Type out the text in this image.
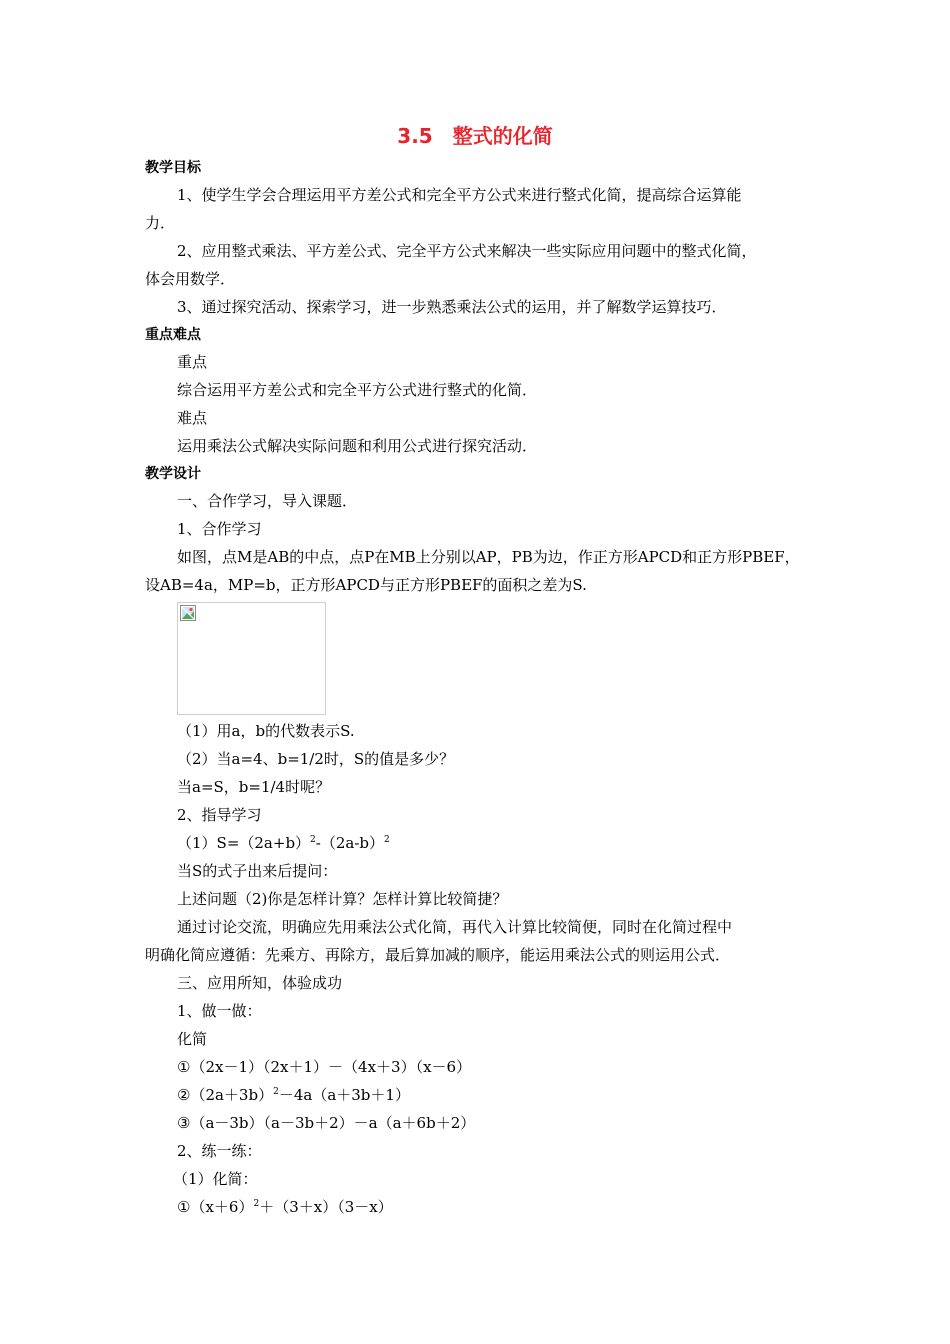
3.5　整式的化简
教学目标
1、使学生学会合理运用平方差公式和完全平方公式来进行整式化简，提高综合运算能
力．
2、应用整式乘法、平方差公式、完全平方公式来解决一些实际应用问题中的整式化简，
体会用数学．
3、通过探究活动、探索学习，进一步熟悉乘法公式的运用，并了解数学运算技巧．
重点难点
重点
综合运用平方差公式和完全平方公式进行整式的化简．
难点
运用乘法公式解决实际问题和利用公式进行探究活动．
教学设计
一、合作学习，导入课题．
1、合作学习
如图，点M是AB的中点，点P在MB上分别以AP，PB为边，作正方形APCD和正方形PBEF，
设AB=4a，MP=b，正方形APCD与正方形PBEF的面积之差为S.
（1）用a，b的代数表示S.
（2）当a=4、b=1/2时，S的值是多少？
当a=S，b=1/4时呢？
2、指导学习
$(1)S=(2a+b)^2-(2a-b)^2$
当S的式子出来后提问：
上述问题（2)你是怎样计算？怎样计算比较简捷？
通过讨论交流，明确应先用乘法公式化简，再代入计算比较简便，同时在化简过程中
明确化简应遵循：先乘方、再除方，最后算加减的顺序，能运用乘法公式的则运用公式．
三、应用所知，体验成功
1、做一做：
化简
①（2x－1）（2x＋1）－（4x＋3）（x－6）
$②(2a+3b)^2-4a(a+3b+1)$
③（a－3b）（a－3b＋2）－a（a＋6b＋2）
2、练一练：
（1）化简：
$①(x+6)^2+(3+x)(3-x)$
